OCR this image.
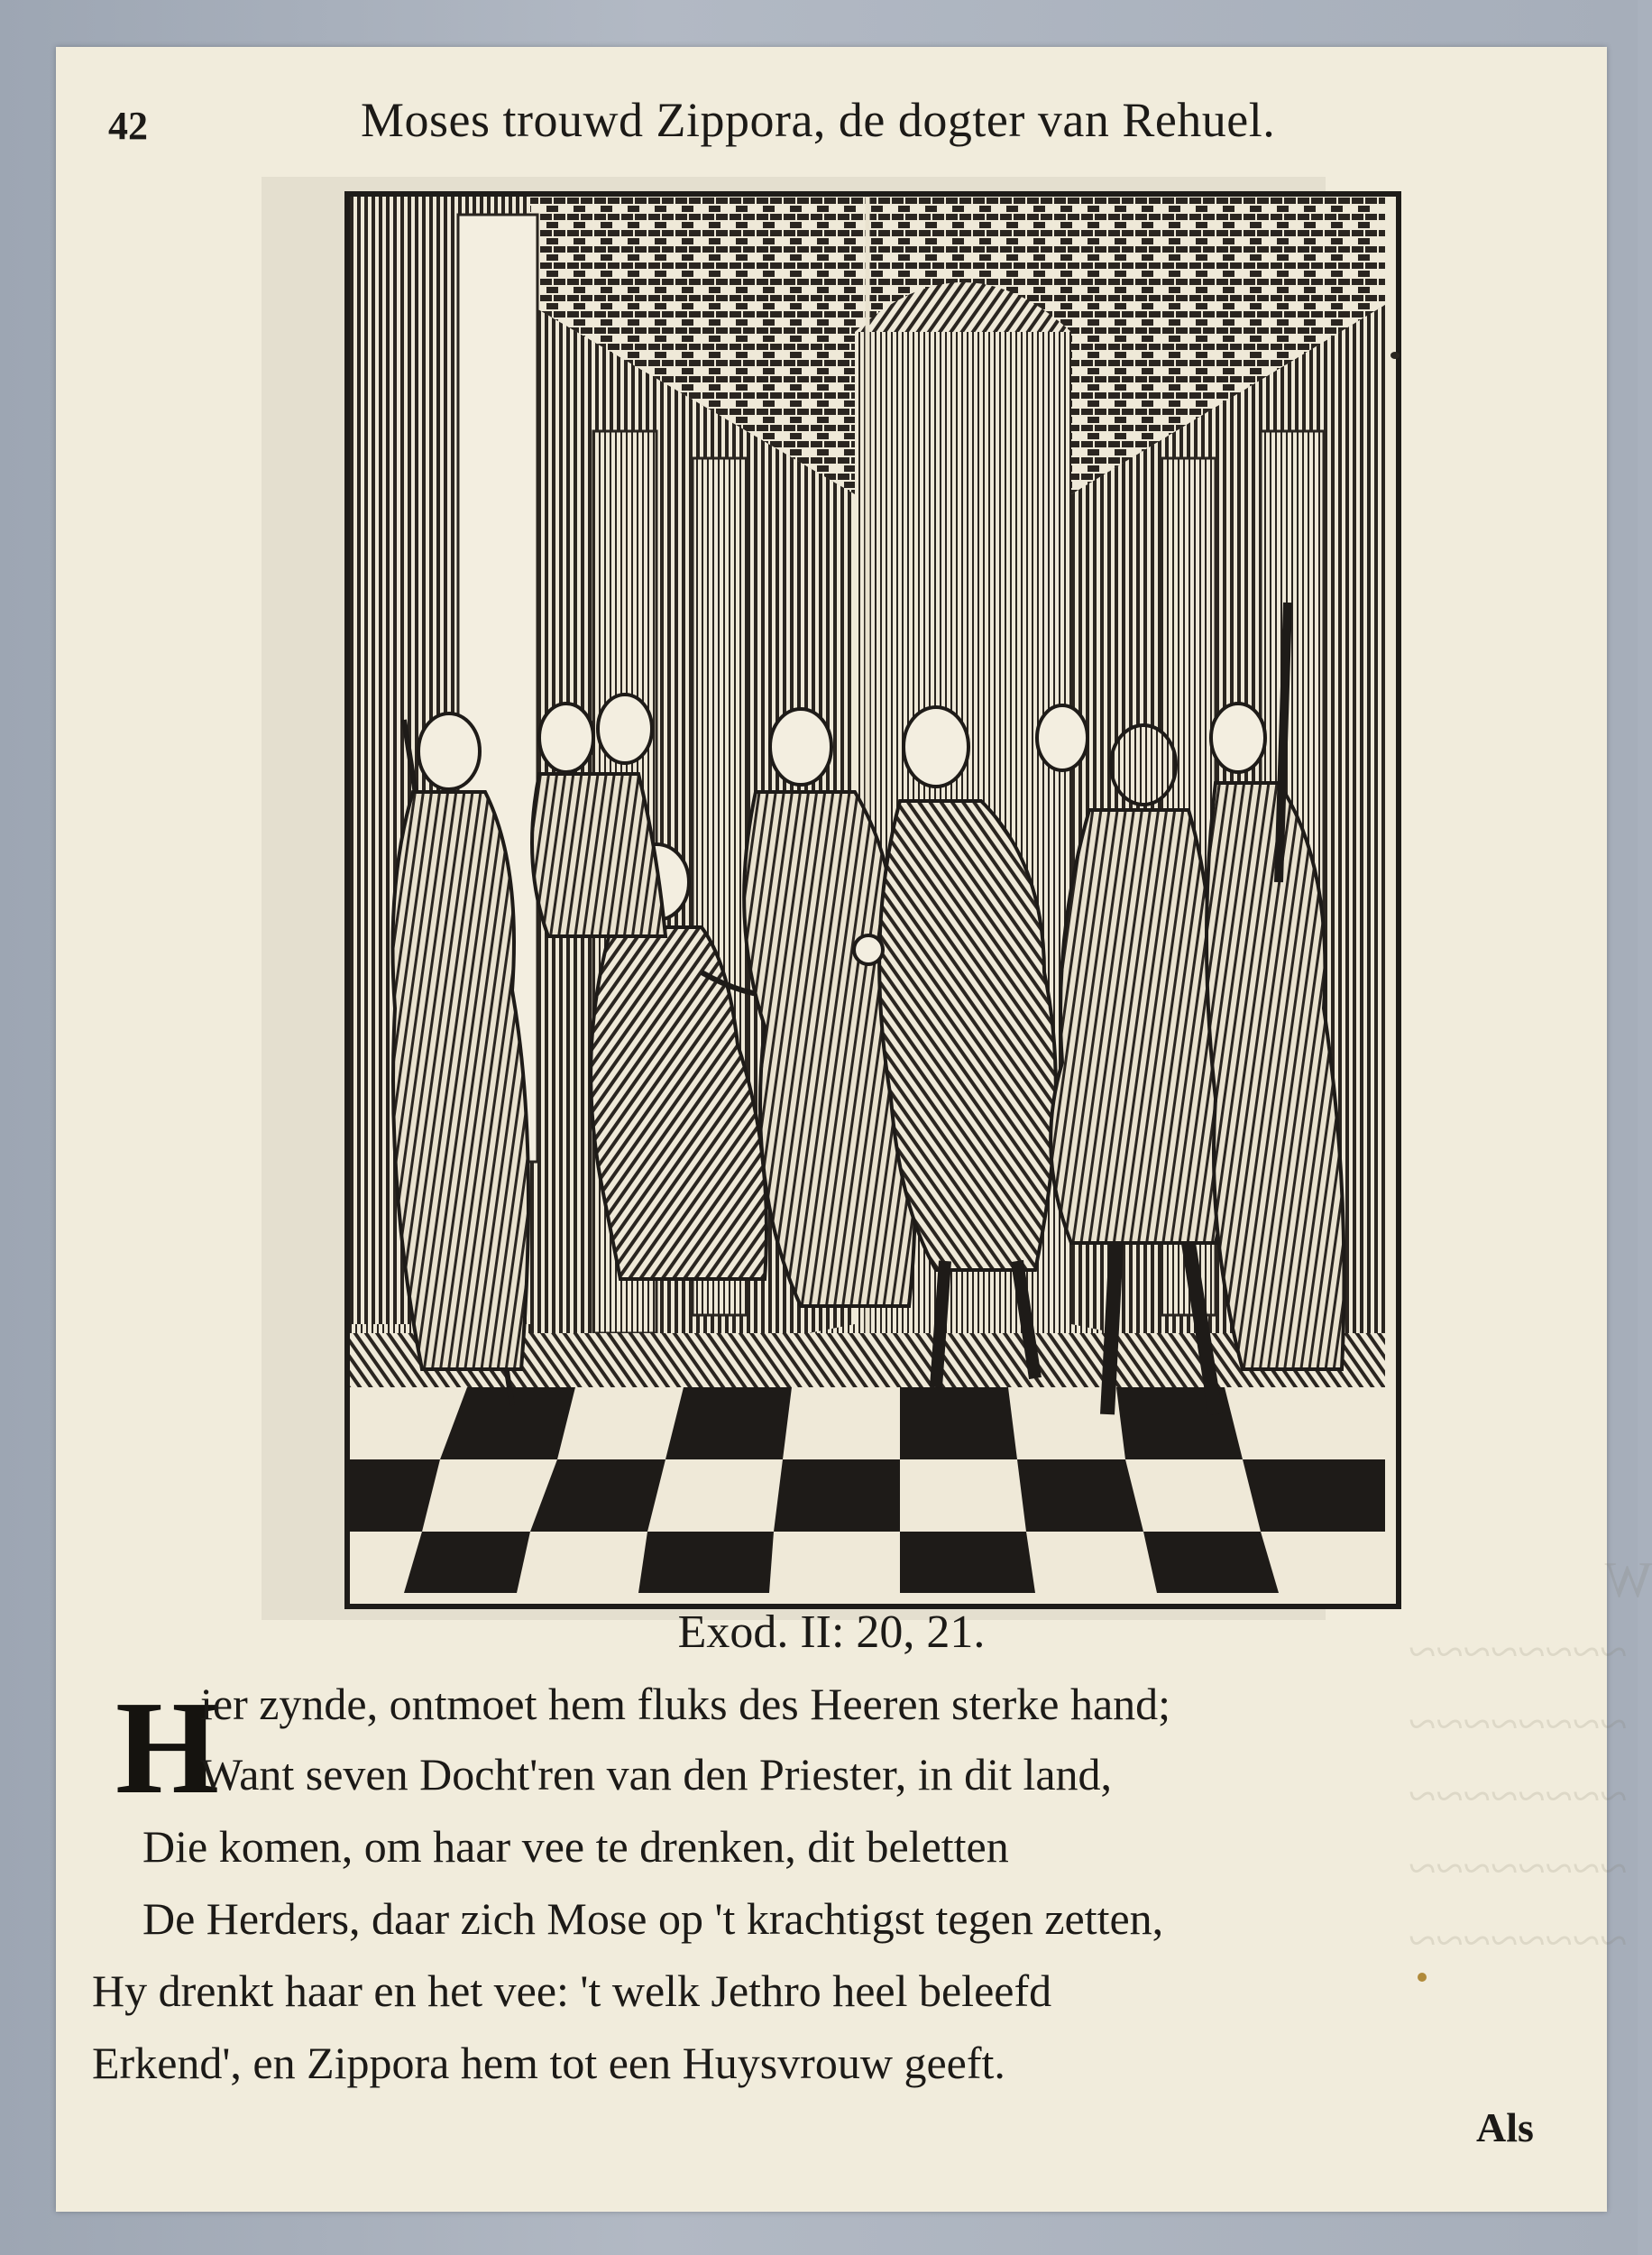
W
~~~~~~~~
~~~~~~~~
~~~~~~~~
~~~~~~~~
~~~~~~~~
42	Moses trouwd Zippora, de dogter van Rehuel.
Exod. II: 20, 21.
H
ier zynde, ontmoet hem fluks des Heeren sterke hand;
Want seven Docht'ren van den Priester, in dit land,
Die komen, om haar vee te drenken, dit beletten
De Herders, daar zich Mose op 't krachtigst tegen zetten,
Hy drenkt haar en het vee: 't welk Jethro heel beleefd
Erkend', en Zippora hem tot een Huysvrouw geeft.
Als
